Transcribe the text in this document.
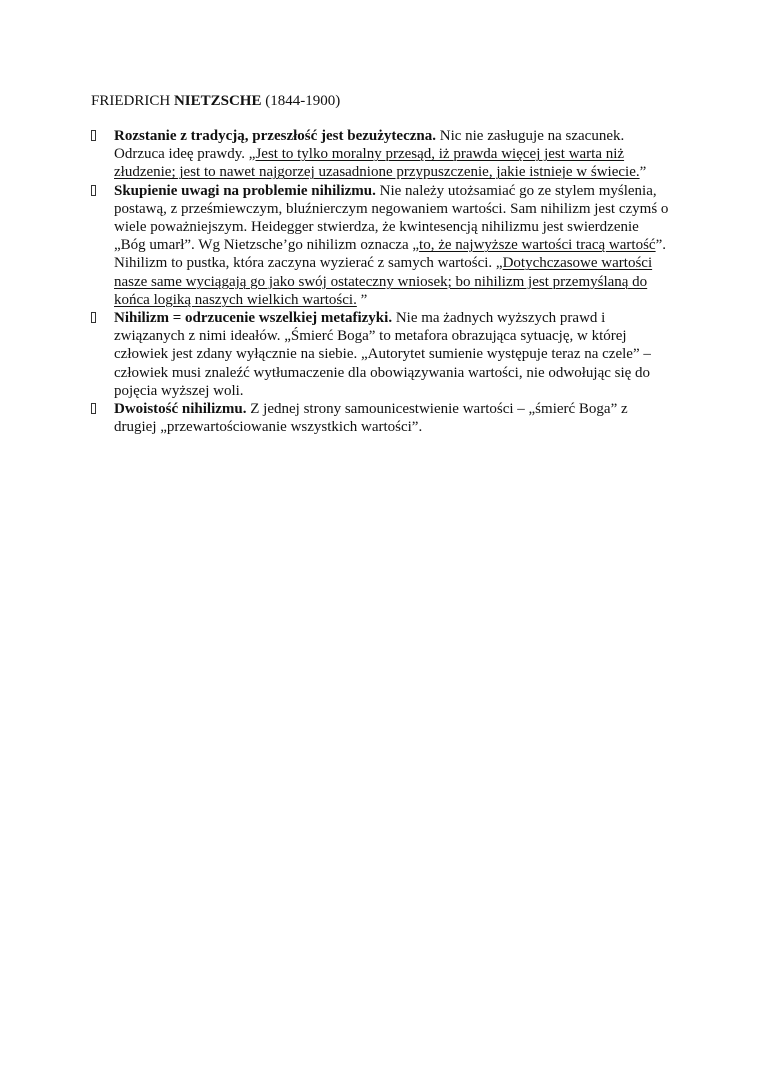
FRIEDRICH NIETZSCHE (1844-1900)
Rozstanie z tradycją, przeszłość jest bezużyteczna. Nic nie zasługuje na szacunek. Odrzuca ideę prawdy. „Jest to tylko moralny przesąd, iż prawda więcej jest warta niż złudzenie; jest to nawet najgorzej uzasadnione przypuszczenie, jakie istnieje w świecie.”
Skupienie uwagi na problemie nihilizmu. Nie należy utożsamiać go ze stylem myślenia, postawą, z prześmiewczym, bluźnierczym negowaniem wartości. Sam nihilizm jest czymś o wiele poważniejszym. Heidegger stwierdza, że kwintesencją nihilizmu jest swierdzenie „Bóg umarł”. Wg Nietzsche’go nihilizm oznacza „to, że najwyższe wartości tracą wartość”. Nihilizm to pustka, która zaczyna wyzierać z samych wartości. „Dotychczasowe wartości nasze same wyciągają go jako swój ostateczny wniosek; bo nihilizm jest przemyślaną do końca logiką naszych wielkich wartości. ”
Nihilizm = odrzucenie wszelkiej metafizyki. Nie ma żadnych wyższych prawd i związanych z nimi ideałów. „Śmierć Boga” to metafora obrazująca sytuację, w której człowiek jest zdany wyłącznie na siebie. „Autorytet sumienie występuje teraz na czele” – człowiek musi znaleźć wytłumaczenie dla obowiązywania wartości, nie odwołując się do pojęcia wyższej woli.
Dwoistość nihilizmu. Z jednej strony samounicestwienie wartości – „śmierć Boga” z drugiej „przewartościowanie wszystkich wartości”.
